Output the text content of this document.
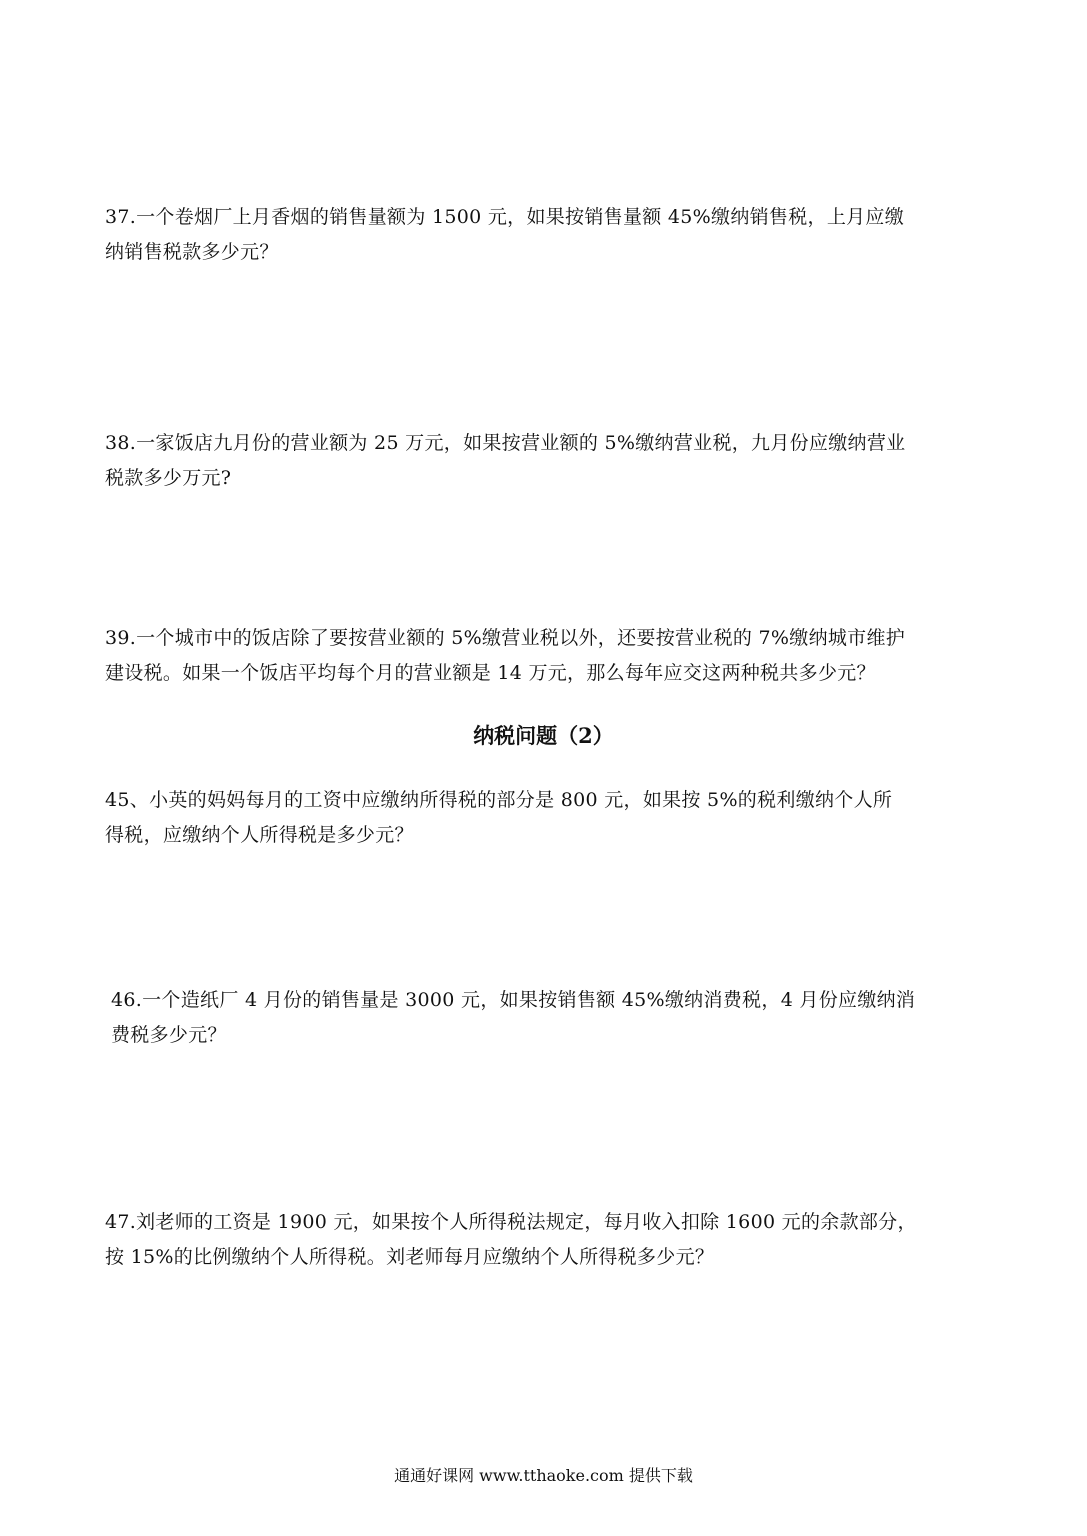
37.一个卷烟厂上月香烟的销售量额为 1500 元，如果按销售量额 45%缴纳销售税，上月应缴
纳销售税款多少元？

38.一家饭店九月份的营业额为 25 万元，如果按营业额的 5%缴纳营业税，九月份应缴纳营业
税款多少万元?

39.一个城市中的饭店除了要按营业额的 5%缴营业税以外，还要按营业税的 7%缴纳城市维护
建设税。如果一个饭店平均每个月的营业额是 14 万元，那么每年应交这两种税共多少元？

纳税问题（2）

45、小英的妈妈每月的工资中应缴纳所得税的部分是 800 元，如果按 5%的税利缴纳个人所
得税，应缴纳个人所得税是多少元？

46.一个造纸厂 4 月份的销售量是 3000 元，如果按销售额 45%缴纳消费税，4 月份应缴纳消
费税多少元？

47.刘老师的工资是 1900 元，如果按个人所得税法规定，每月收入扣除 1600 元的余款部分，
按 15%的比例缴纳个人所得税。刘老师每月应缴纳个人所得税多少元？

通通好课网 www.tthaoke.com 提供下载
